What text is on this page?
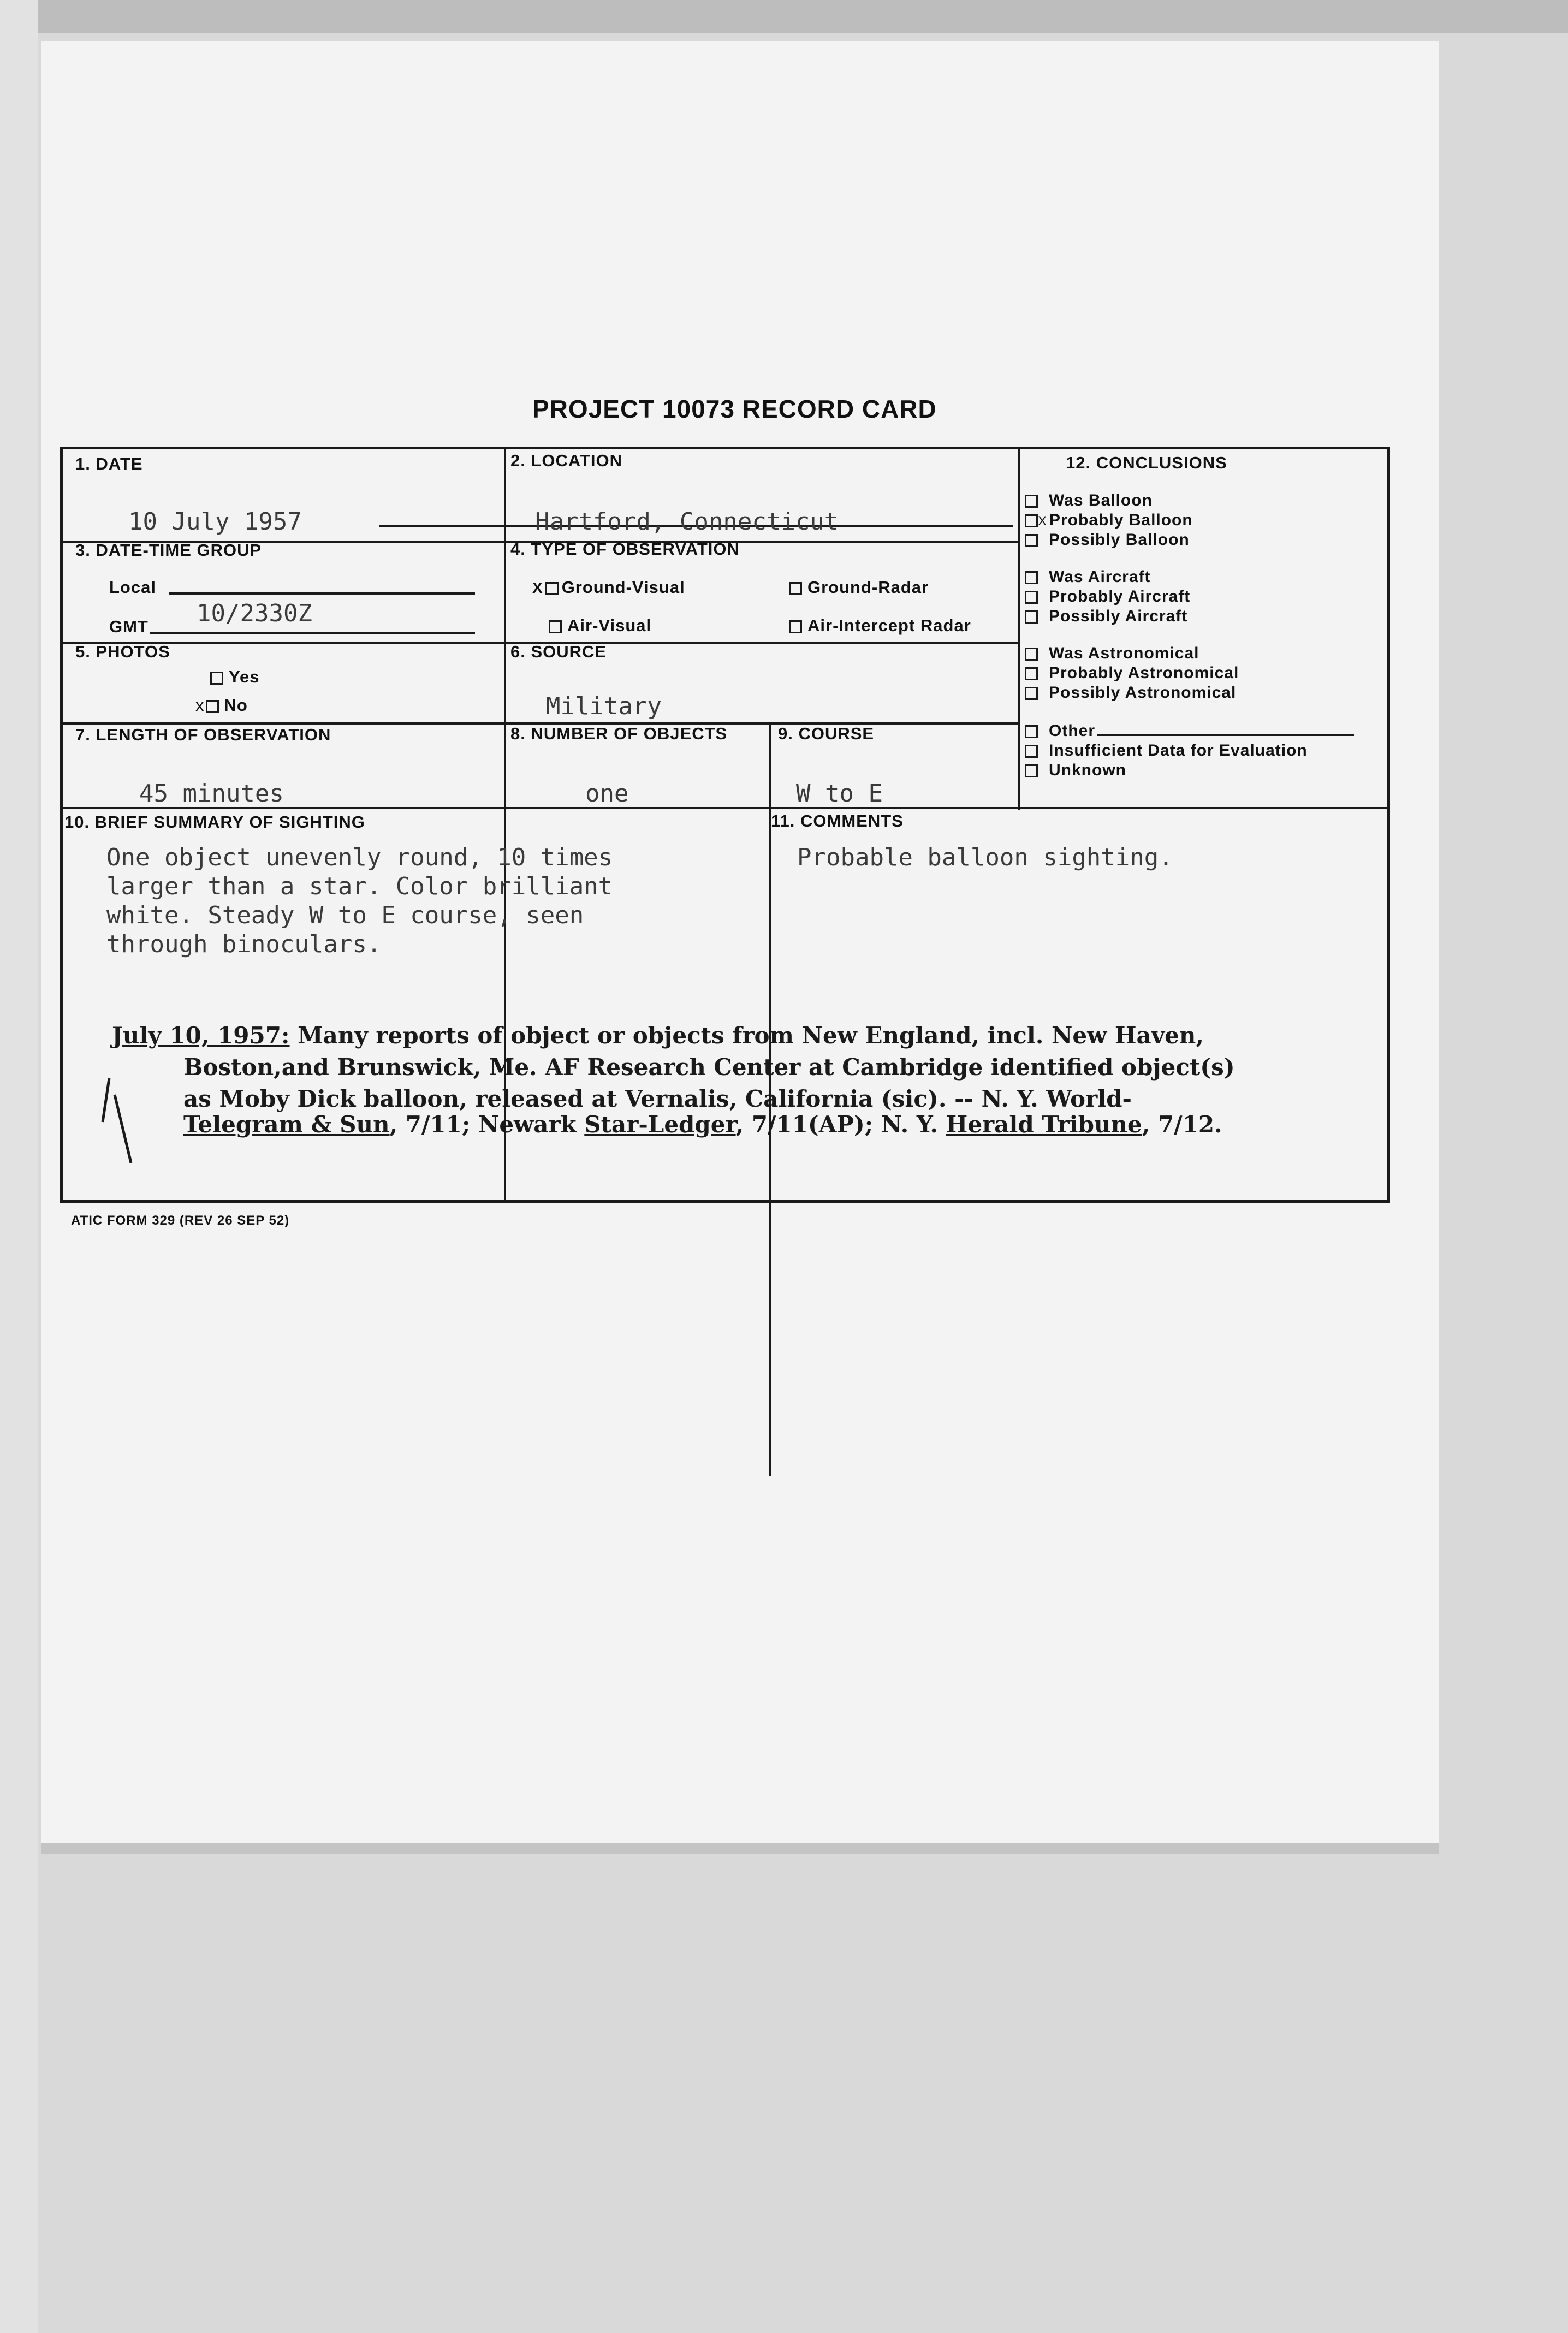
PROJECT 10073 RECORD CARD
1. DATE
10 July 1957
2. LOCATION
Hartford, Connecticut
3. DATE-TIME GROUP
Local
GMT 10/2330Z
4. TYPE OF OBSERVATION
X Ground-Visual	Ground-Radar
Air-Visual	Air-Intercept Radar
5. PHOTOS
Yes
x No
6. SOURCE
Military
7. LENGTH OF OBSERVATION
45 minutes
8. NUMBER OF OBJECTS
one
9. COURSE
W to E
10. BRIEF SUMMARY OF SIGHTING
One object unevenly round, 10 times
larger than a star. Color brilliant
white. Steady W to E course, seen
through binoculars.
11. COMMENTS
Probable balloon sighting.
12. CONCLUSIONS
Was Balloon
X Probably Balloon
Possibly Balloon
Was Aircraft
Probably Aircraft
Possibly Aircraft
Was Astronomical
Probably Astronomical
Possibly Astronomical
Other
Insufficient Data for Evaluation
Unknown
July 10, 1957: Many reports of object or objects from New England, incl. New Haven,
Boston,and Brunswick, Me. AF Research Center at Cambridge identified object(s)
as Moby Dick balloon, released at Vernalis, California (sic). -- N. Y. World-
Telegram & Sun, 7/11; Newark Star-Ledger, 7/11(AP); N. Y. Herald Tribune, 7/12.
ATIC FORM 329 (REV 26 SEP 52)
